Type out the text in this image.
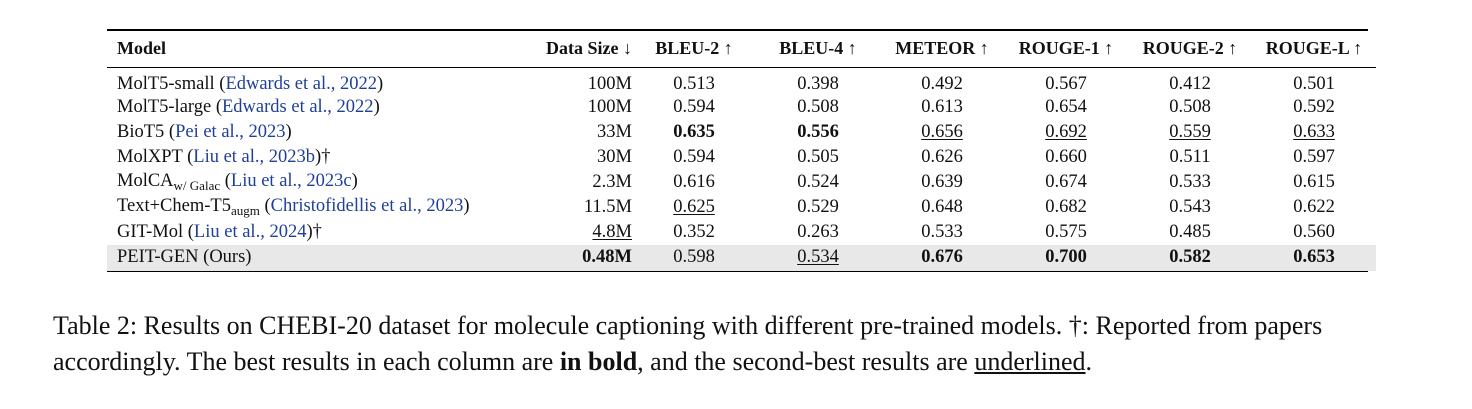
Model	Data Size ↓	BLEU-2 ↑	BLEU-4 ↑	METEOR ↑	ROUGE-1 ↑	ROUGE-2 ↑	ROUGE-L ↑

MolT5-small (Edwards et al., 2022)	100M	0.513	0.398	0.492	0.567	0.412	0.501
MolT5-large (Edwards et al., 2022)	100M	0.594	0.508	0.613	0.654	0.508	0.592
BioT5 (Pei et al., 2023)	33M	0.635	0.556	0.656	0.692	0.559	0.633
MolXPT (Liu et al., 2023b)†	30M	0.594	0.505	0.626	0.660	0.511	0.597
MolCA$_{w/ Galac}$ (Liu et al., 2023c)	2.3M	0.616	0.524	0.639	0.674	0.533	0.615
$Text+Chem-T5_{augm}$ (Christofidellis et al., 2023)	11.5M	0.625	0.529	0.648	0.682	0.543	0.622
GIT-Mol (Liu et al., 2024)†	4.8M	0.352	0.263	0.533	0.575	0.485	0.560
PEIT-GEN (Ours)	0.48M	0.598	0.534	0.676	0.700	0.582	0.653
Table 2: Results on CHEBI-20 dataset for molecule captioning with different pre-trained models. †: Reported from papers accordingly. The best results in each column are in bold, and the second-best results are underlined.
